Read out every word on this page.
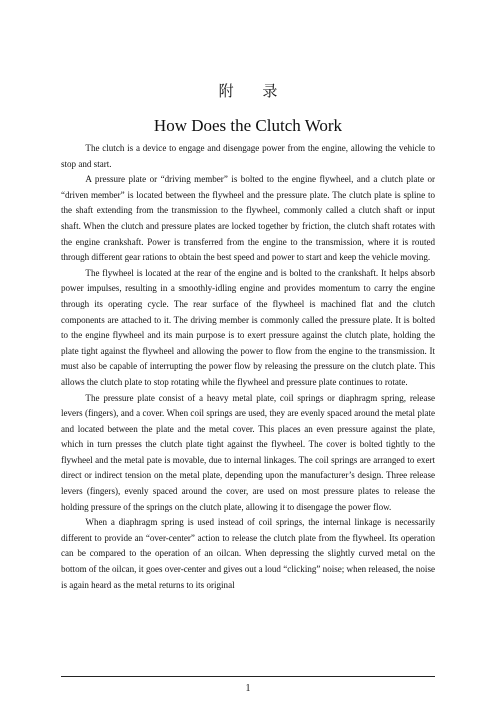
附 录
How Does the Clutch Work

The clutch is a device to engage and disengage power from the engine, allowing the vehicle to stop and start.

A pressure plate or “driving member” is bolted to the engine flywheel, and a clutch plate or “driven member” is located between the flywheel and the pressure plate. The clutch plate is spline to the shaft extending from the transmission to the flywheel, commonly called a clutch shaft or input shaft. When the clutch and pressure plates are locked together by friction, the clutch shaft rotates with the engine crankshaft. Power is transferred from the engine to the transmission, where it is routed through different gear rations to obtain the best speed and power to start and keep the vehicle moving.

The flywheel is located at the rear of the engine and is bolted to the crankshaft. It helps absorb power impulses, resulting in a smoothly-idling engine and provides momentum to carry the engine through its operating cycle. The rear surface of the flywheel is machined flat and the clutch components are attached to it. The driving member is commonly called the pressure plate. It is bolted to the engine flywheel and its main purpose is to exert pressure against the clutch plate, holding the plate tight against the flywheel and allowing the power to flow from the engine to the transmission. It must also be capable of interrupting the power flow by releasing the pressure on the clutch plate. This allows the clutch plate to stop rotating while the flywheel and pressure plate continues to rotate.

The pressure plate consist of a heavy metal plate, coil springs or diaphragm spring, release levers (fingers), and a cover. When coil springs are used, they are evenly spaced around the metal plate and located between the plate and the metal cover. This places an even pressure against the plate, which in turn presses the clutch plate tight against the flywheel. The cover is bolted tightly to the flywheel and the metal pate is movable, due to internal linkages. The coil springs are arranged to exert direct or indirect tension on the metal plate, depending upon the manufacturer’s design. Three release levers (fingers), evenly spaced around the cover, are used on most pressure plates to release the holding pressure of the springs on the clutch plate, allowing it to disengage the power flow.

When a diaphragm spring is used instead of coil springs, the internal linkage is necessarily different to provide an “over-center” action to release the clutch plate from the flywheel. Its operation can be compared to the operation of an oilcan. When depressing the slightly curved metal on the bottom of the oilcan, it goes over-center and gives out a loud “clicking” noise; when released, the noise is again heard as the metal returns to its original

1
